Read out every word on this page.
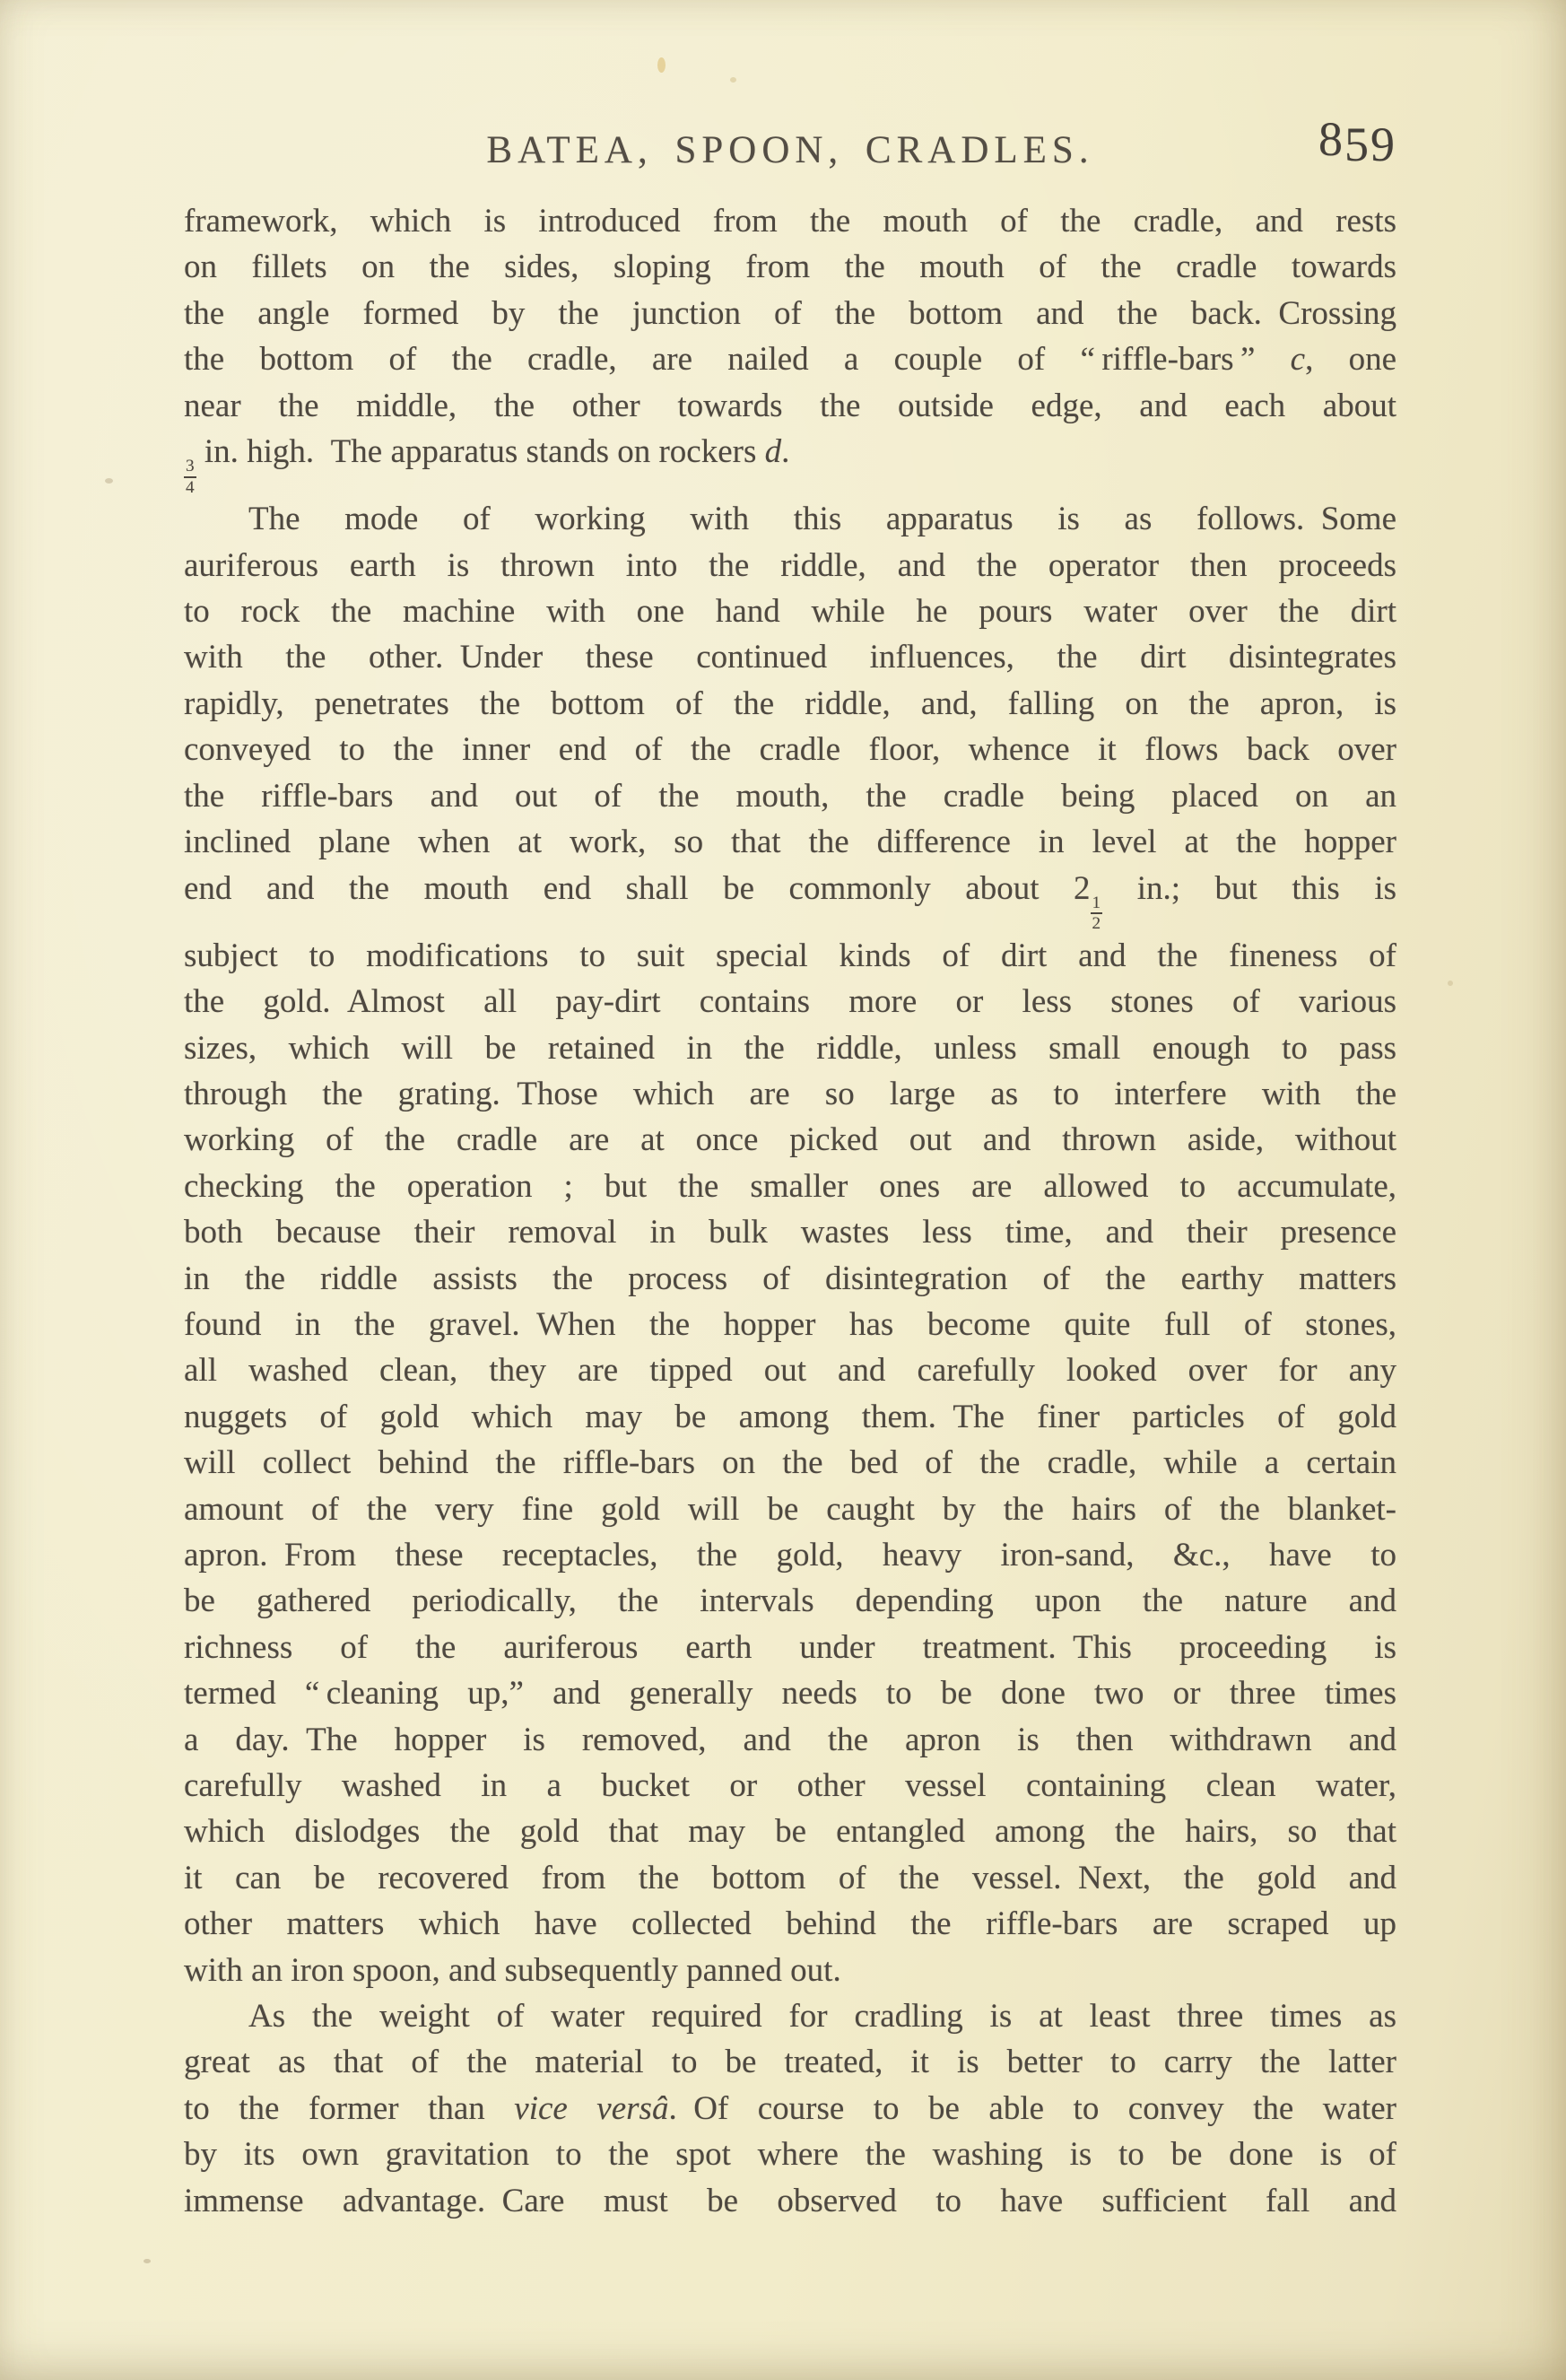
BATEA, SPOON, CRADLES.	859
framework, which is introduced from the mouth of the cradle, and rests
on fillets on the sides, sloping from the mouth of the cradle towards
the angle formed by the junction of the bottom and the back. Crossing
the bottom of the cradle, are nailed a couple of “ riffle-bars ” c, one
near the middle, the other towards the outside edge, and each about
$\frac{3}{4}$
in. high. The apparatus stands on rockers d.
The mode of working with this apparatus is as follows. Some
auriferous earth is thrown into the riddle, and the operator then proceeds
to rock the machine with one hand while he pours water over the dirt
with the other. Under these continued influences, the dirt disintegrates
rapidly, penetrates the bottom of the riddle, and, falling on the apron, is
conveyed to the inner end of the cradle floor, whence it flows back over
the riffle-bars and out of the mouth, the cradle being placed on an
inclined plane when at work, so that the difference in level at the hopper
end and the mouth end shall be commonly about 2
$\frac{1}{2}$
in.; but this is
subject to modifications to suit special kinds of dirt and the fineness of
the gold. Almost all pay-dirt contains more or less stones of various
sizes, which will be retained in the riddle, unless small enough to pass
through the grating. Those which are so large as to interfere with the
working of the cradle are at once picked out and thrown aside, without
checking the operation ; but the smaller ones are allowed to accumulate,
both because their removal in bulk wastes less time, and their presence
in the riddle assists the process of disintegration of the earthy matters
found in the gravel. When the hopper has become quite full of stones,
all washed clean, they are tipped out and carefully looked over for any
nuggets of gold which may be among them. The finer particles of gold
will collect behind the riffle-bars on the bed of the cradle, while a certain
amount of the very fine gold will be caught by the hairs of the blanket-
apron. From these receptacles, the gold, heavy iron-sand, &c., have to
be gathered periodically, the intervals depending upon the nature and
richness of the auriferous earth under treatment. This proceeding is
termed “ cleaning up,” and generally needs to be done two or three times
a day. The hopper is removed, and the apron is then withdrawn and
carefully washed in a bucket or other vessel containing clean water,
which dislodges the gold that may be entangled among the hairs, so that
it can be recovered from the bottom of the vessel. Next, the gold and
other matters which have collected behind the riffle-bars are scraped up
with an iron spoon, and subsequently panned out.
As the weight of water required for cradling is at least three times as
great as that of the material to be treated, it is better to carry the latter
to the former than vice versâ. Of course to be able to convey the water
by its own gravitation to the spot where the washing is to be done is of
immense advantage. Care must be observed to have sufficient fall and
